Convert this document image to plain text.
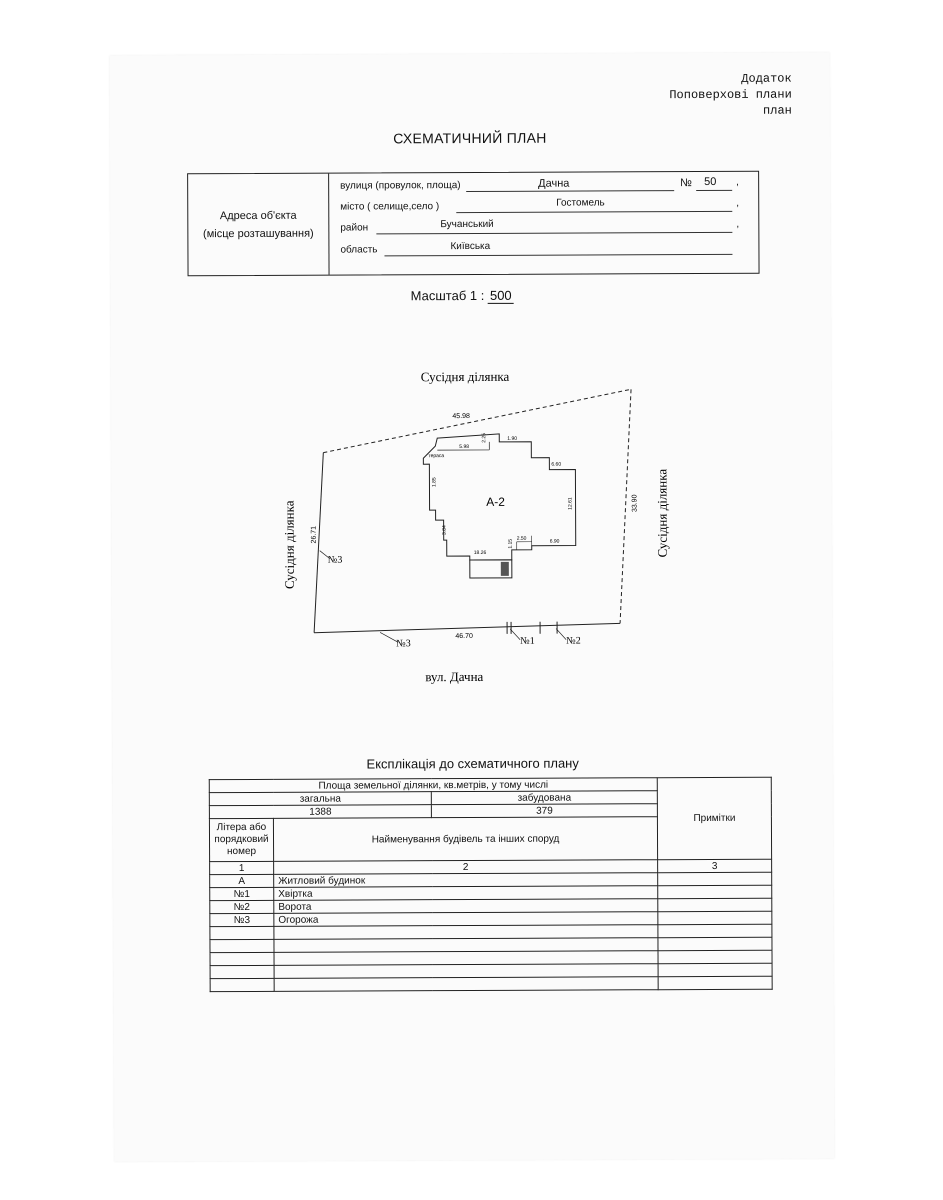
Додаток
Поповерхові плани
план
СХЕМАТИЧНИЙ ПЛАН
Адреса об'єкта
(місце розташування)
вулиця (провулок, площа)	Дачна	№ 50 ,
місто ( селище,село )	Гостомель	,
район	Бучанський	,
область	Київська
Масштаб 1 : 500
Сусідня ділянка
Сусідня ділянка	Сусідня ділянка
вул. Дачна
№1	№2
№3
№3
45.98
26.71
33.90
46.70
А-2
тераса
1.90
5.98
6.60
12.61
6.90
2.50
18.26
1.85
3.84
1.15
2.25
Експлікація до схематичного плану
Площа земельної ділянки, кв.метрів, у тому числі			Примітки
загальна		забудована	
1388		379	
Літера або порядковий номер	Найменування будівель та інших споруд		
1	2		3
А	Житловий будинок		
№1	Хвіртка		
№2	Ворота		
№3	Огорожа		
